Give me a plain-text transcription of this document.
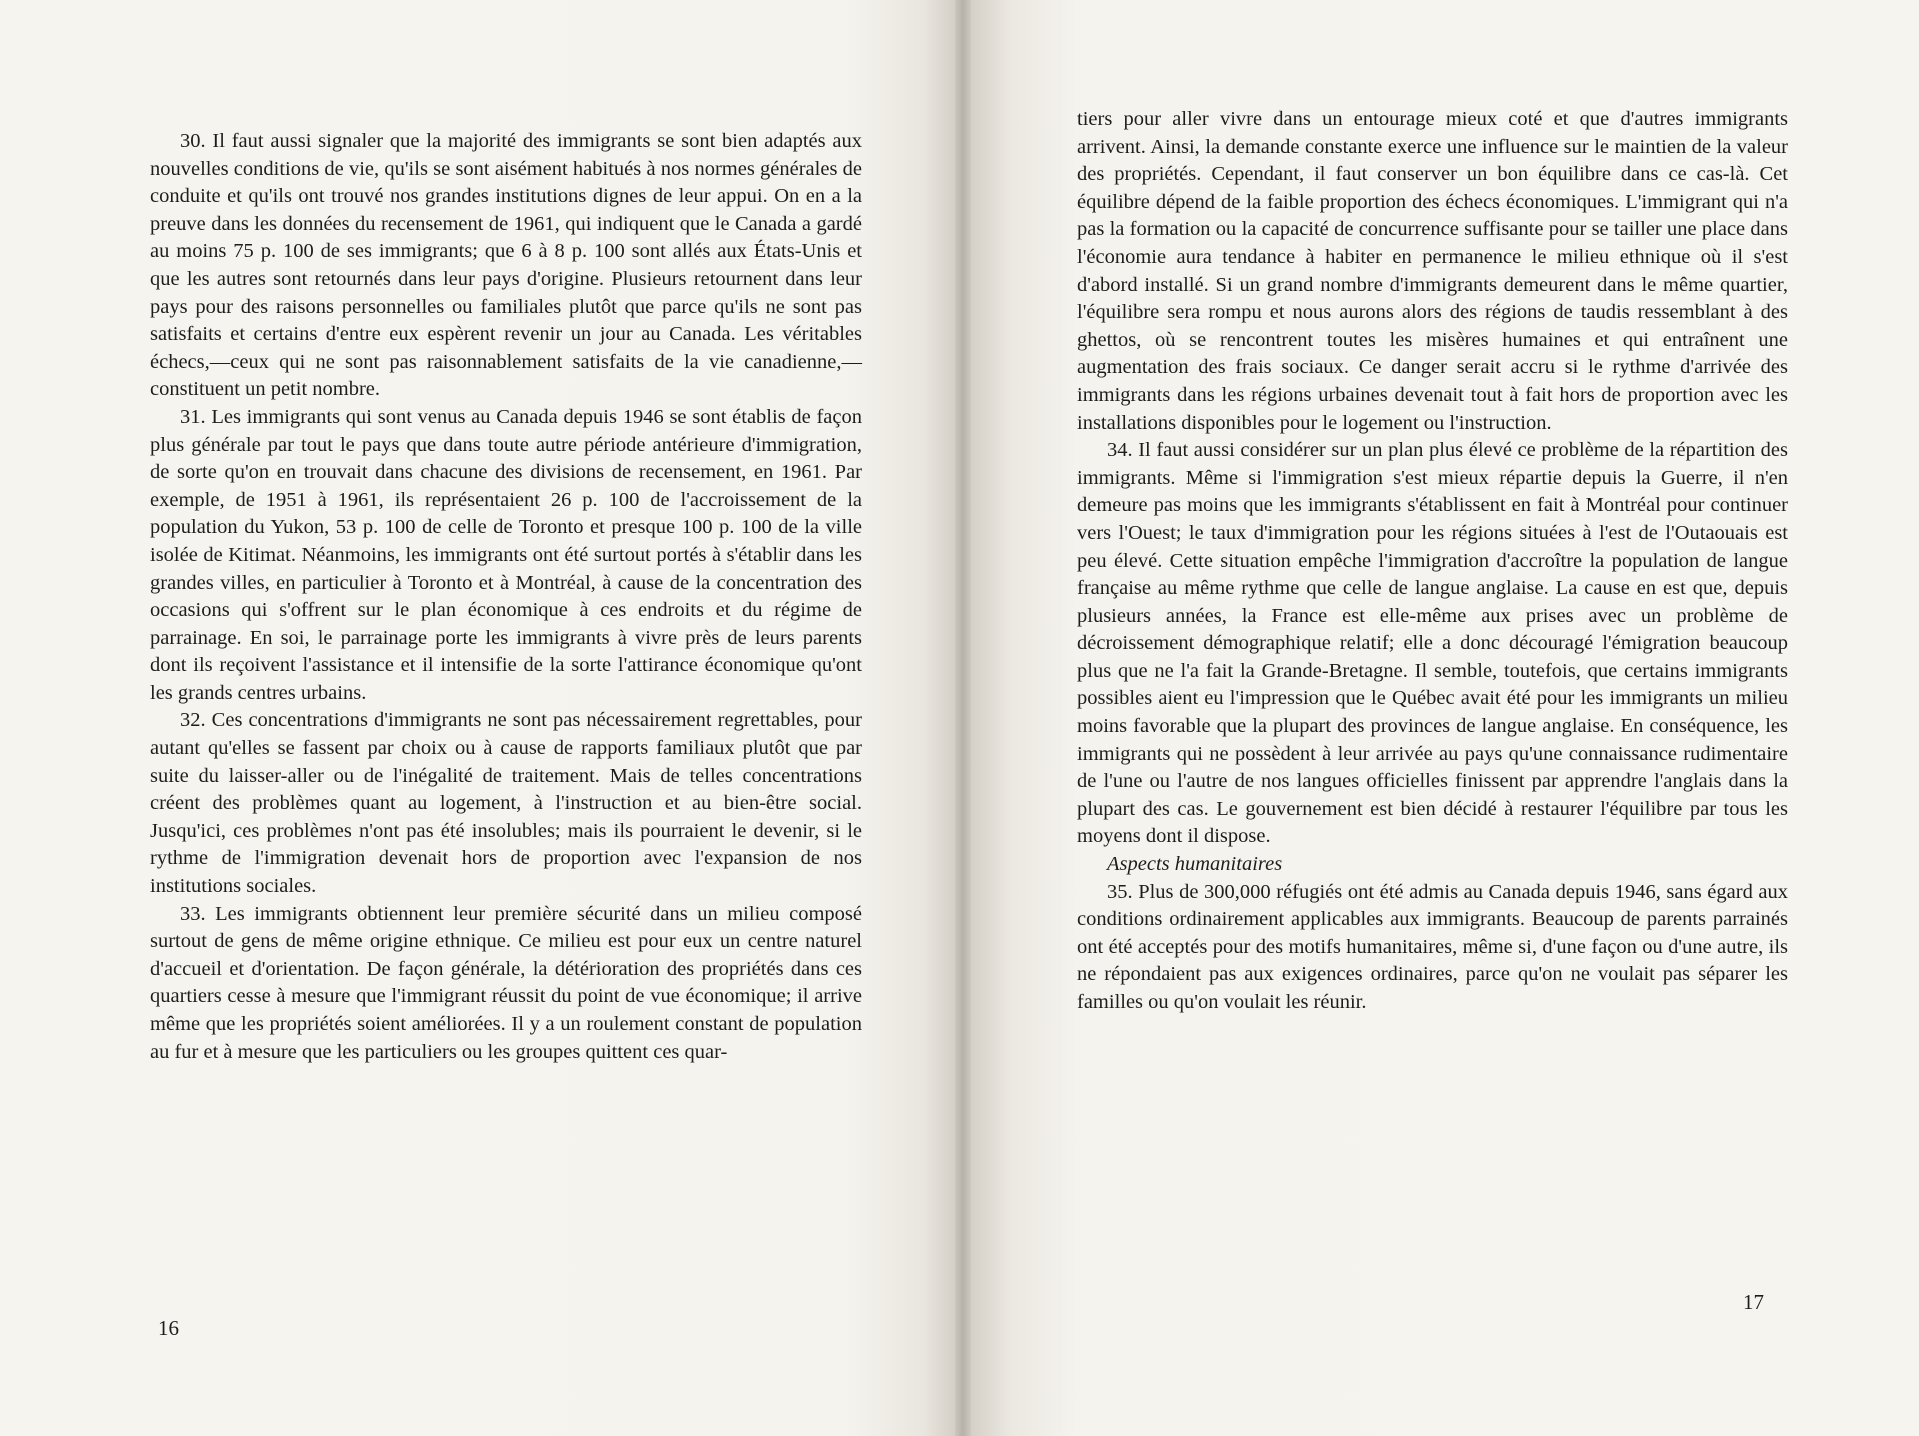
30. Il faut aussi signaler que la majorité des immigrants se sont bien adaptés aux nouvelles conditions de vie, qu'ils se sont aisément habitués à nos normes générales de conduite et qu'ils ont trouvé nos grandes institutions dignes de leur appui. On en a la preuve dans les données du recensement de 1961, qui indiquent que le Canada a gardé au moins 75 p. 100 de ses immigrants; que 6 à 8 p. 100 sont allés aux États-Unis et que les autres sont retournés dans leur pays d'origine. Plusieurs retournent dans leur pays pour des raisons personnelles ou familiales plutôt que parce qu'ils ne sont pas satisfaits et certains d'entre eux espèrent revenir un jour au Canada. Les véritables échecs,—ceux qui ne sont pas raisonnablement satisfaits de la vie canadienne,—constituent un petit nombre.

31. Les immigrants qui sont venus au Canada depuis 1946 se sont établis de façon plus générale par tout le pays que dans toute autre période antérieure d'immigration, de sorte qu'on en trouvait dans chacune des divisions de recensement, en 1961. Par exemple, de 1951 à 1961, ils représentaient 26 p. 100 de l'accroissement de la population du Yukon, 53 p. 100 de celle de Toronto et presque 100 p. 100 de la ville isolée de Kitimat. Néanmoins, les immigrants ont été surtout portés à s'établir dans les grandes villes, en particulier à Toronto et à Montréal, à cause de la concentration des occasions qui s'offrent sur le plan économique à ces endroits et du régime de parrainage. En soi, le parrainage porte les immigrants à vivre près de leurs parents dont ils reçoivent l'assistance et il intensifie de la sorte l'attirance économique qu'ont les grands centres urbains.

32. Ces concentrations d'immigrants ne sont pas nécessairement regrettables, pour autant qu'elles se fassent par choix ou à cause de rapports familiaux plutôt que par suite du laisser-aller ou de l'inégalité de traitement. Mais de telles concentrations créent des problèmes quant au logement, à l'instruction et au bien-être social. Jusqu'ici, ces problèmes n'ont pas été insolubles; mais ils pourraient le devenir, si le rythme de l'immigration devenait hors de proportion avec l'expansion de nos institutions sociales.

33. Les immigrants obtiennent leur première sécurité dans un milieu composé surtout de gens de même origine ethnique. Ce milieu est pour eux un centre naturel d'accueil et d'orientation. De façon générale, la détérioration des propriétés dans ces quartiers cesse à mesure que l'immigrant réussit du point de vue économique; il arrive même que les propriétés soient améliorées. Il y a un roulement constant de population au fur et à mesure que les particuliers ou les groupes quittent ces quar-

16

tiers pour aller vivre dans un entourage mieux coté et que d'autres immigrants arrivent. Ainsi, la demande constante exerce une influence sur le maintien de la valeur des propriétés. Cependant, il faut conserver un bon équilibre dans ce cas-là. Cet équilibre dépend de la faible proportion des échecs économiques. L'immigrant qui n'a pas la formation ou la capacité de concurrence suffisante pour se tailler une place dans l'économie aura tendance à habiter en permanence le milieu ethnique où il s'est d'abord installé. Si un grand nombre d'immigrants demeurent dans le même quartier, l'équilibre sera rompu et nous aurons alors des régions de taudis ressemblant à des ghettos, où se rencontrent toutes les misères humaines et qui entraînent une augmentation des frais sociaux. Ce danger serait accru si le rythme d'arrivée des immigrants dans les régions urbaines devenait tout à fait hors de proportion avec les installations disponibles pour le logement ou l'instruction.

34. Il faut aussi considérer sur un plan plus élevé ce problème de la répartition des immigrants. Même si l'immigration s'est mieux répartie depuis la Guerre, il n'en demeure pas moins que les immigrants s'établissent en fait à Montréal pour continuer vers l'Ouest; le taux d'immigration pour les régions situées à l'est de l'Outaouais est peu élevé. Cette situation empêche l'immigration d'accroître la population de langue française au même rythme que celle de langue anglaise. La cause en est que, depuis plusieurs années, la France est elle-même aux prises avec un problème de décroissement démographique relatif; elle a donc découragé l'émigration beaucoup plus que ne l'a fait la Grande-Bretagne. Il semble, toutefois, que certains immigrants possibles aient eu l'impression que le Québec avait été pour les immigrants un milieu moins favorable que la plupart des provinces de langue anglaise. En conséquence, les immigrants qui ne possèdent à leur arrivée au pays qu'une connaissance rudimentaire de l'une ou l'autre de nos langues officielles finissent par apprendre l'anglais dans la plupart des cas. Le gouvernement est bien décidé à restaurer l'équilibre par tous les moyens dont il dispose.

Aspects humanitaires

35. Plus de 300,000 réfugiés ont été admis au Canada depuis 1946, sans égard aux conditions ordinairement applicables aux immigrants. Beaucoup de parents parrainés ont été acceptés pour des motifs humanitaires, même si, d'une façon ou d'une autre, ils ne répondaient pas aux exigences ordinaires, parce qu'on ne voulait pas séparer les familles ou qu'on voulait les réunir.

17
